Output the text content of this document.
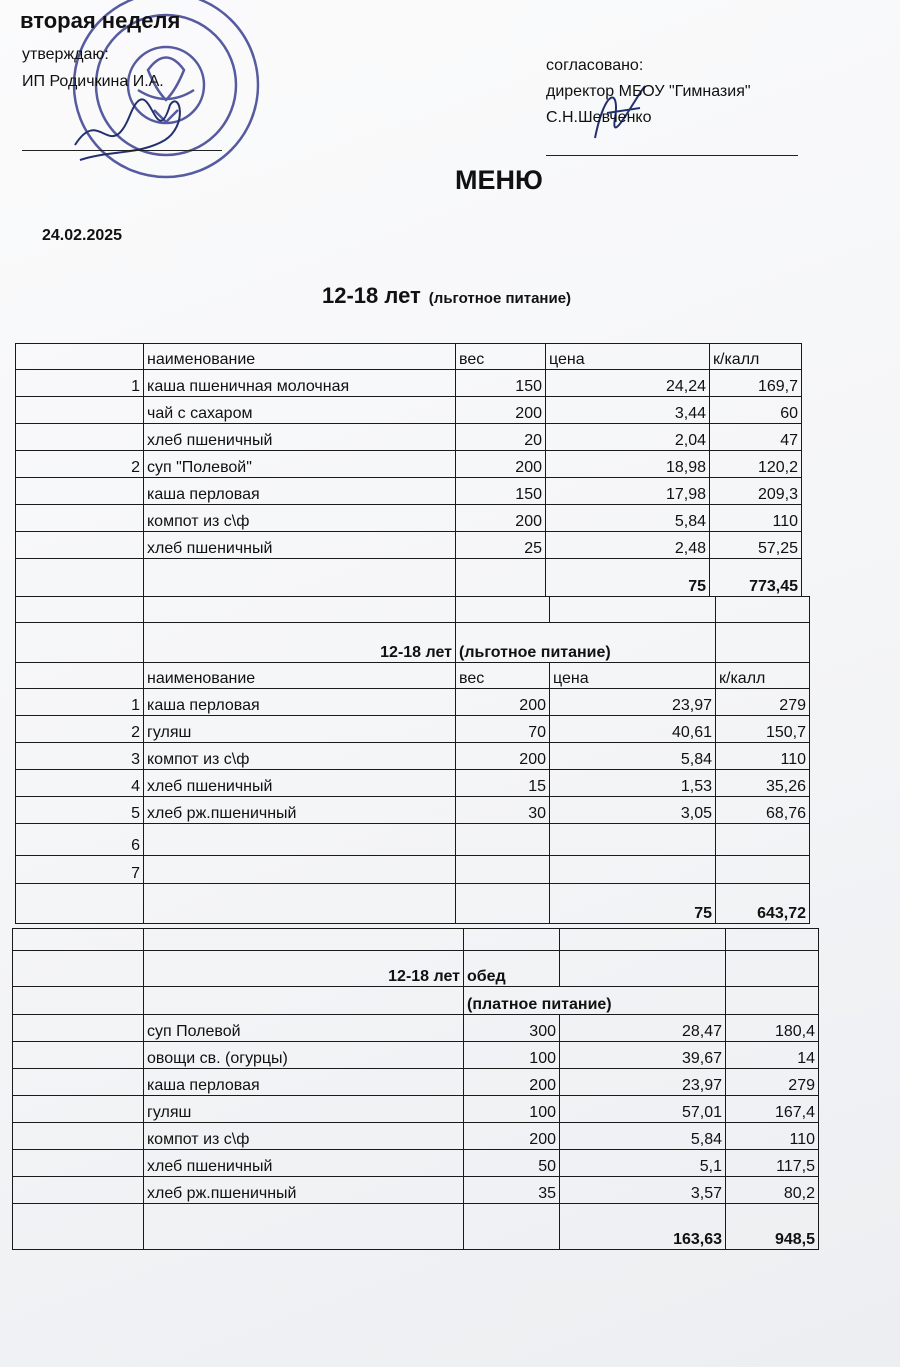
вторая неделя
утверждаю:
ИП Родичкина И.А.
согласовано:
директор МБОУ "Гимназия"
С.Н.Шевченко
МЕНЮ
24.02.2025
12-18 лет (льготное питание)
	наименование	вес	цена	к/калл
1	каша пшеничная молочная	150	24,24	169,7
	чай с сахаром	200	3,44	60
	хлеб пшеничный	20	2,04	47
2	суп "Полевой"	200	18,98	120,2
	каша перловая	150	17,98	209,3
	компот из с\ф	200	5,84	110
	хлеб пшеничный	25	2,48	57,25
			75	773,45

	12-18 лет	(льготное питание)		
	наименование	вес	цена	к/калл
1	каша перловая	200	23,97	279
2	гуляш	70	40,61	150,7
3	компот из с\ф	200	5,84	110
4	хлеб пшеничный	15	1,53	35,26
5	хлеб рж.пшеничный	30	3,05	68,76
6				
7				
			75	643,72

	12-18 лет	обед		
		(платное питание)		
	суп Полевой	300	28,47	180,4
	овощи св. (огурцы)	100	39,67	14
	каша перловая	200	23,97	279
	гуляш	100	57,01	167,4
	компот из с\ф	200	5,84	110
	хлеб пшеничный	50	5,1	117,5
	хлеб рж.пшеничный	35	3,57	80,2
			163,63	948,5
